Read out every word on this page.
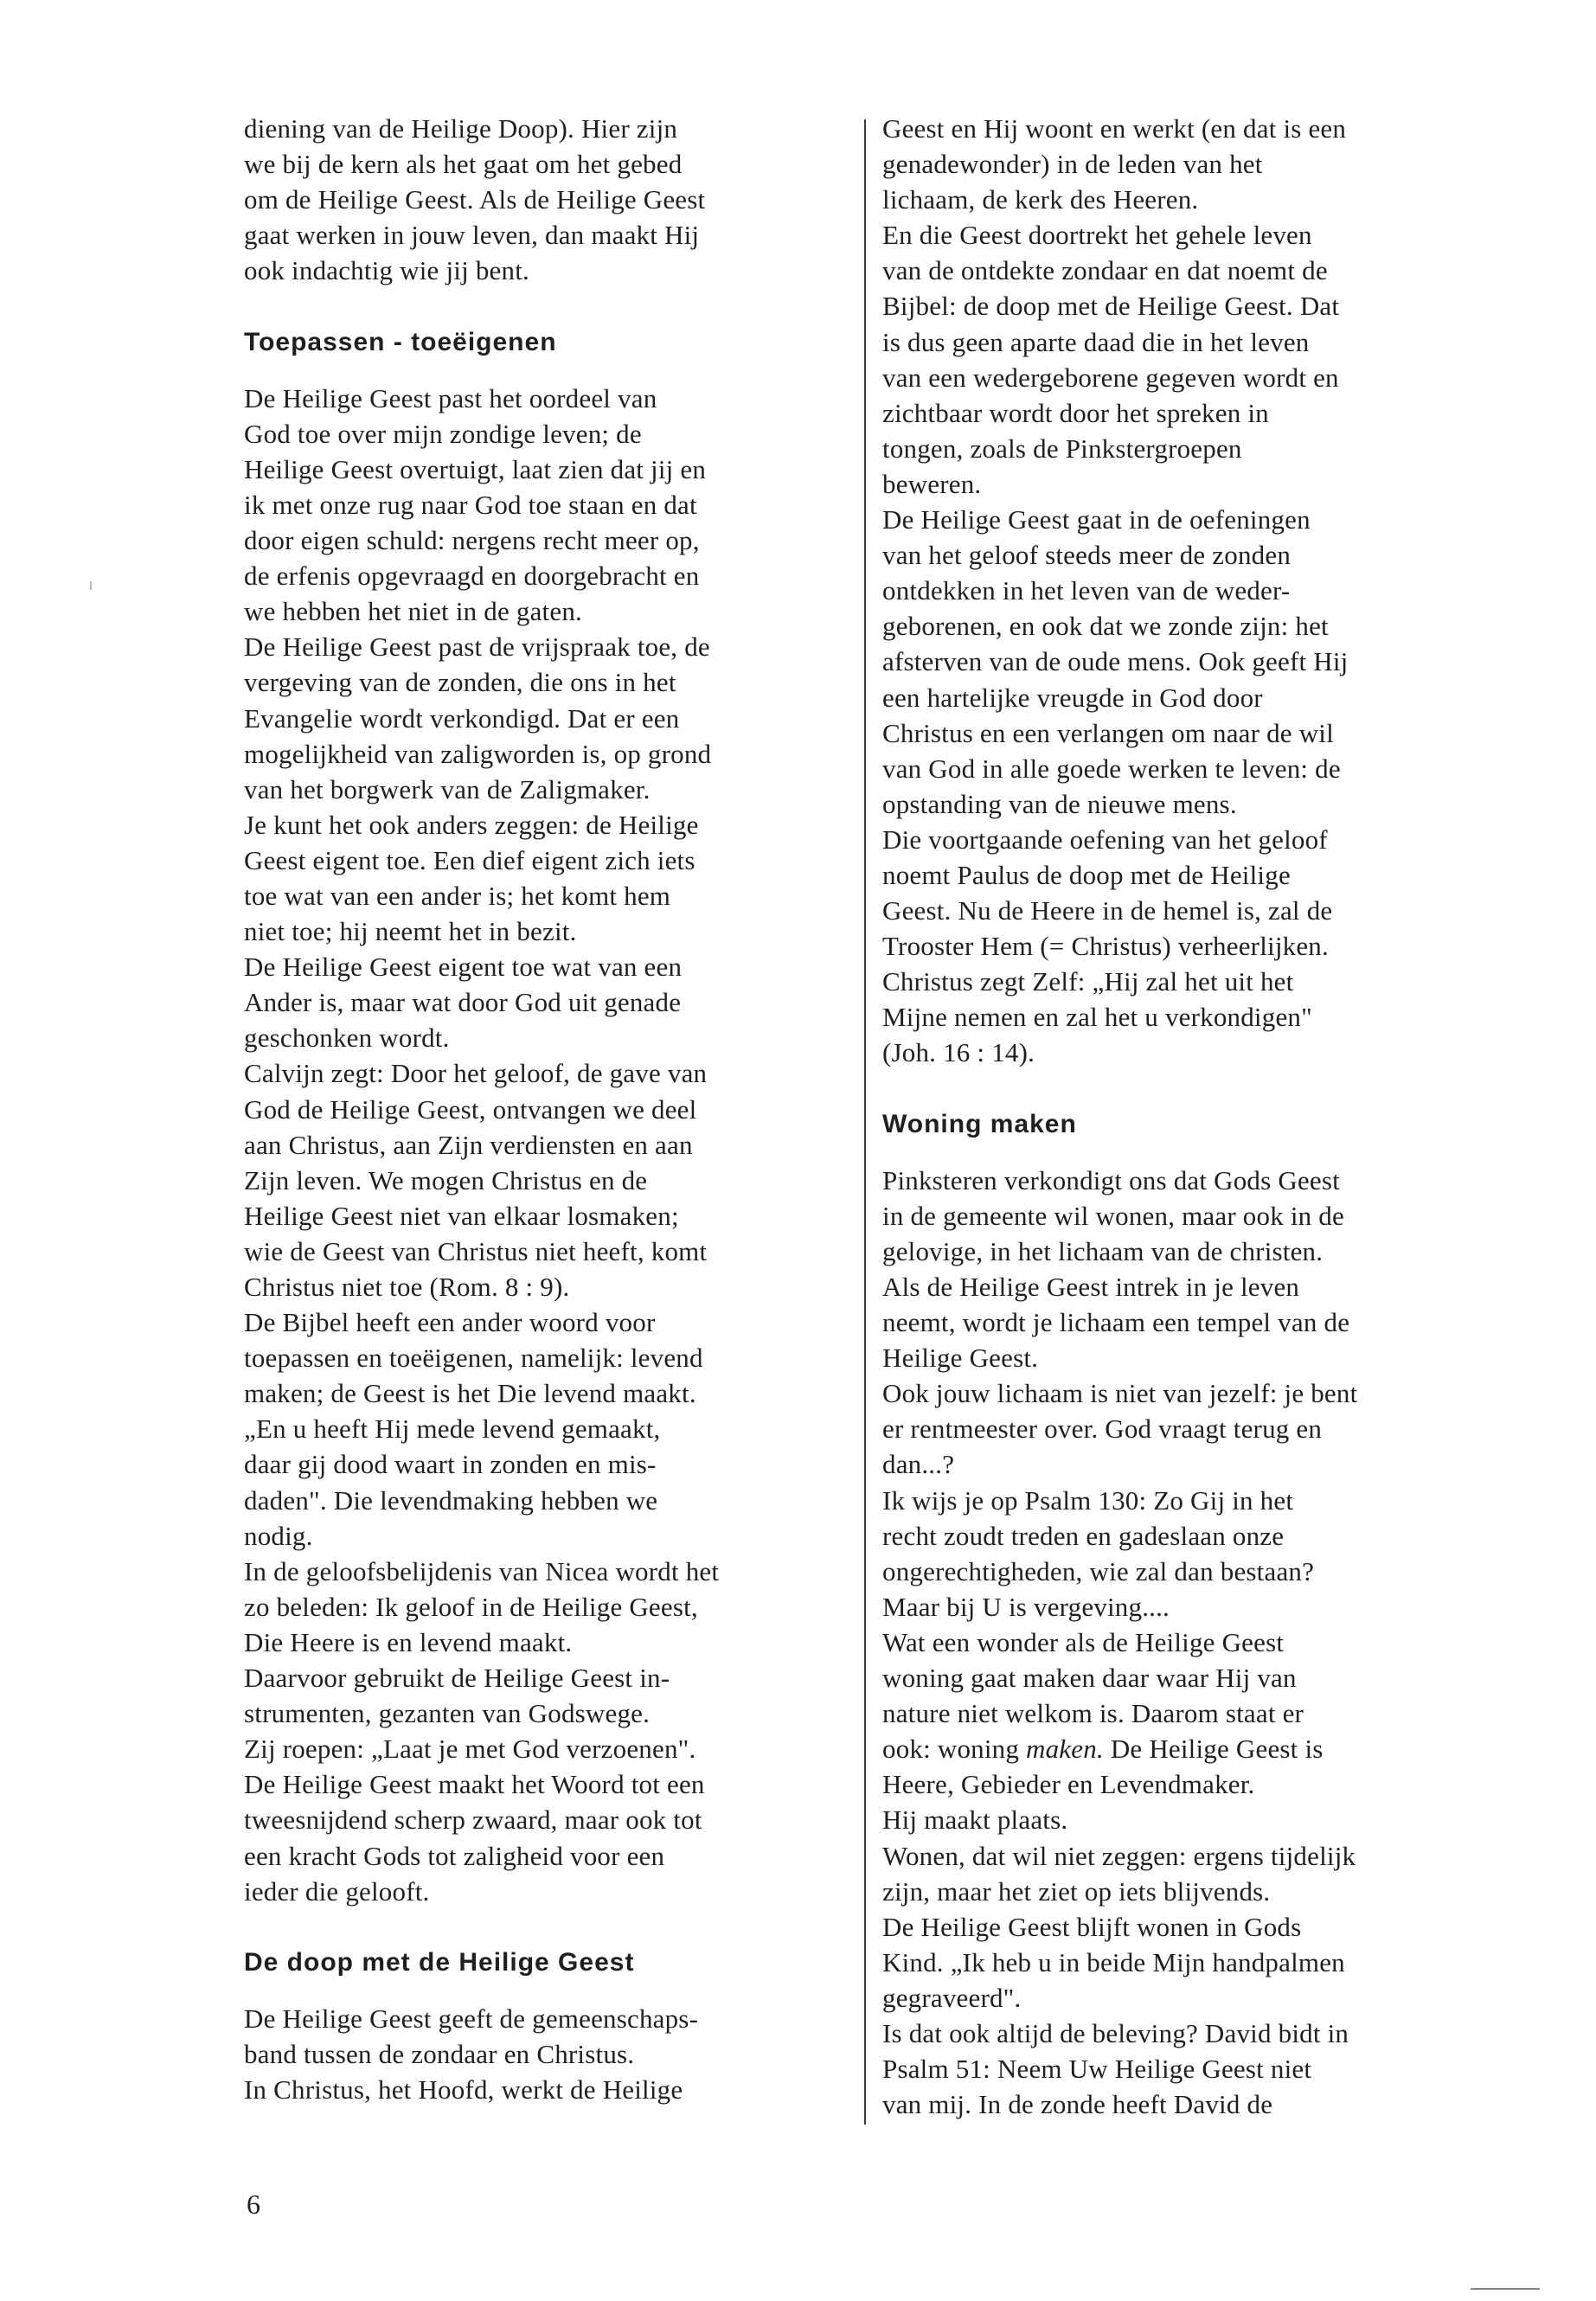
diening van de Heilige Doop). Hier zijn
we bij de kern als het gaat om het gebed
om de Heilige Geest. Als de Heilige Geest
gaat werken in jouw leven, dan maakt Hij
ook indachtig wie jij bent.
Toepassen - toeëigenen
De Heilige Geest past het oordeel van
God toe over mijn zondige leven; de
Heilige Geest overtuigt, laat zien dat jij en
ik met onze rug naar God toe staan en dat
door eigen schuld: nergens recht meer op,
de erfenis opgevraagd en doorgebracht en
we hebben het niet in de gaten.
De Heilige Geest past de vrijspraak toe, de
vergeving van de zonden, die ons in het
Evangelie wordt verkondigd. Dat er een
mogelijkheid van zaligworden is, op grond
van het borgwerk van de Zaligmaker.
Je kunt het ook anders zeggen: de Heilige
Geest eigent toe. Een dief eigent zich iets
toe wat van een ander is; het komt hem
niet toe; hij neemt het in bezit.
De Heilige Geest eigent toe wat van een
Ander is, maar wat door God uit genade
geschonken wordt.
Calvijn zegt: Door het geloof, de gave van
God de Heilige Geest, ontvangen we deel
aan Christus, aan Zijn verdiensten en aan
Zijn leven. We mogen Christus en de
Heilige Geest niet van elkaar losmaken;
wie de Geest van Christus niet heeft, komt
Christus niet toe (Rom. 8 : 9).
De Bijbel heeft een ander woord voor
toepassen en toeëigenen, namelijk: levend
maken; de Geest is het Die levend maakt.
„En u heeft Hij mede levend gemaakt,
daar gij dood waart in zonden en mis-
daden". Die levendmaking hebben we
nodig.
In de geloofsbelijdenis van Nicea wordt het
zo beleden: Ik geloof in de Heilige Geest,
Die Heere is en levend maakt.
Daarvoor gebruikt de Heilige Geest in-
strumenten, gezanten van Godswege.
Zij roepen: „Laat je met God verzoenen".
De Heilige Geest maakt het Woord tot een
tweesnijdend scherp zwaard, maar ook tot
een kracht Gods tot zaligheid voor een
ieder die gelooft.
De doop met de Heilige Geest
De Heilige Geest geeft de gemeenschaps-
band tussen de zondaar en Christus.
In Christus, het Hoofd, werkt de Heilige
Geest en Hij woont en werkt (en dat is een
genadewonder) in de leden van het
lichaam, de kerk des Heeren.
En die Geest doortrekt het gehele leven
van de ontdekte zondaar en dat noemt de
Bijbel: de doop met de Heilige Geest. Dat
is dus geen aparte daad die in het leven
van een wedergeborene gegeven wordt en
zichtbaar wordt door het spreken in
tongen, zoals de Pinkstergroepen
beweren.
De Heilige Geest gaat in de oefeningen
van het geloof steeds meer de zonden
ontdekken in het leven van de weder-
geborenen, en ook dat we zonde zijn: het
afsterven van de oude mens. Ook geeft Hij
een hartelijke vreugde in God door
Christus en een verlangen om naar de wil
van God in alle goede werken te leven: de
opstanding van de nieuwe mens.
Die voortgaande oefening van het geloof
noemt Paulus de doop met de Heilige
Geest. Nu de Heere in de hemel is, zal de
Trooster Hem (= Christus) verheerlijken.
Christus zegt Zelf: „Hij zal het uit het
Mijne nemen en zal het u verkondigen"
(Joh. 16 : 14).
Woning maken
Pinksteren verkondigt ons dat Gods Geest
in de gemeente wil wonen, maar ook in de
gelovige, in het lichaam van de christen.
Als de Heilige Geest intrek in je leven
neemt, wordt je lichaam een tempel van de
Heilige Geest.
Ook jouw lichaam is niet van jezelf: je bent
er rentmeester over. God vraagt terug en
dan...?
Ik wijs je op Psalm 130: Zo Gij in het
recht zoudt treden en gadeslaan onze
ongerechtigheden, wie zal dan bestaan?
Maar bij U is vergeving....
Wat een wonder als de Heilige Geest
woning gaat maken daar waar Hij van
nature niet welkom is. Daarom staat er
ook: woning maken. De Heilige Geest is
Heere, Gebieder en Levendmaker.
Hij maakt plaats.
Wonen, dat wil niet zeggen: ergens tijdelijk
zijn, maar het ziet op iets blijvends.
De Heilige Geest blijft wonen in Gods
Kind. „Ik heb u in beide Mijn handpalmen
gegraveerd".
Is dat ook altijd de beleving? David bidt in
Psalm 51: Neem Uw Heilige Geest niet
van mij. In de zonde heeft David de
6
